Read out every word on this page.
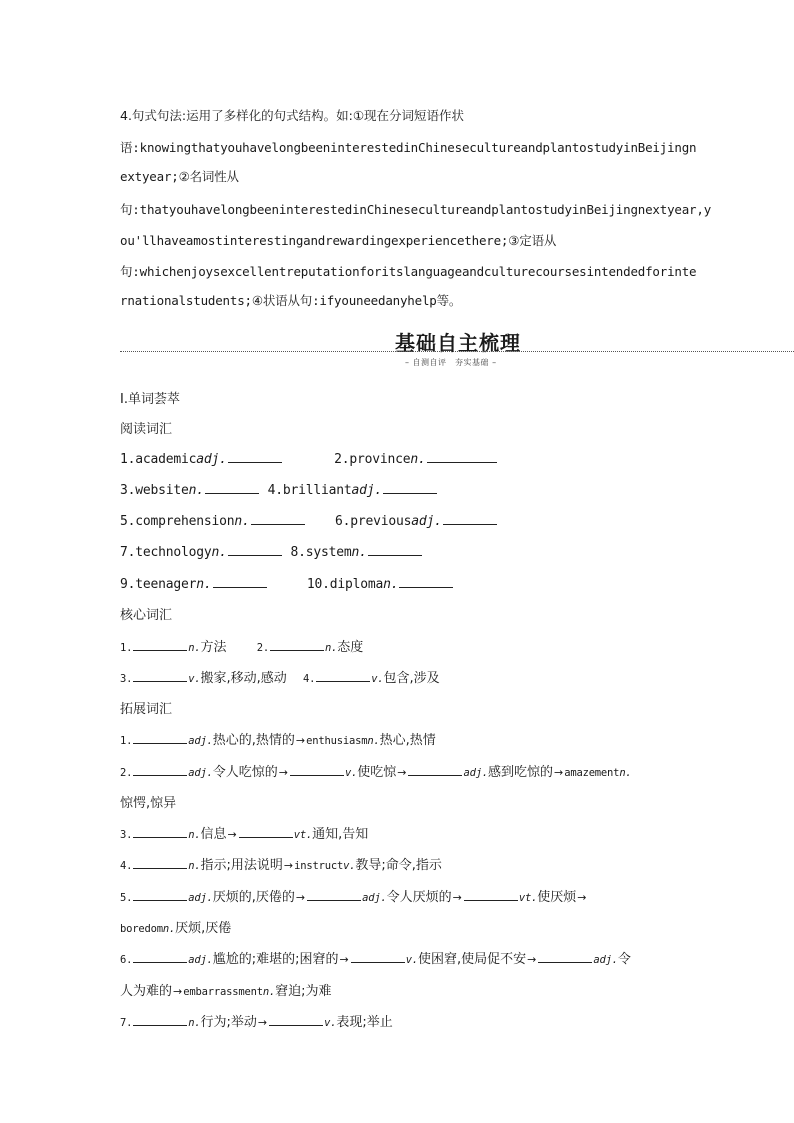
4.句式句法:运用了多样化的句式结构。如:①现在分词短语作状
语:knowingthatyouhavelongbeeninterestedinChinesecultureandplantostudyinBeijingn
extyear;②名词性从
句:thatyouhavelongbeeninterestedinChinesecultureandplantostudyinBeijingnextyear,y
ou'llhaveamostinterestingandrewardingexperiencethere;③定语从
句:whichenjoysexcellentreputationforitslanguageandculturecoursesintendedforinte
rnationalstudents;④状语从句:ifyouneedanyhelp等。
基础自主梳理
– 自测自评　夯实基础 –
Ⅰ.单词荟萃
阅读词汇
1.academicadj.	2.provincen.
3.websiten.	4.brilliantadj.
5.comprehensionn.	6.previousadj.
7.technologyn.	8.systemn.
9.teenagern.	10.diploman.
核心词汇
1.	n.方法	2.	n.态度
3.	v.搬家,移动,感动 4.	v.包含,涉及
拓展词汇
1.	adj.热心的,热情的→enthusiasmn.热心,热情
2.	adj.令人吃惊的→	v.使吃惊→	adj.感到吃惊的→amazementn.
惊愕,惊异
3.	n.信息→	vt.通知,告知
4.	n.指示;用法说明→instructv.教导;命令,指示
5.	adj.厌烦的,厌倦的→	adj.令人厌烦的→	vt.使厌烦→
boredomn.厌烦,厌倦
6.	adj.尴尬的;难堪的;困窘的→	v.使困窘,使局促不安→	adj.令
人为难的→embarrassmentn.窘迫;为难
7.	n.行为;举动→	v.表现;举止
